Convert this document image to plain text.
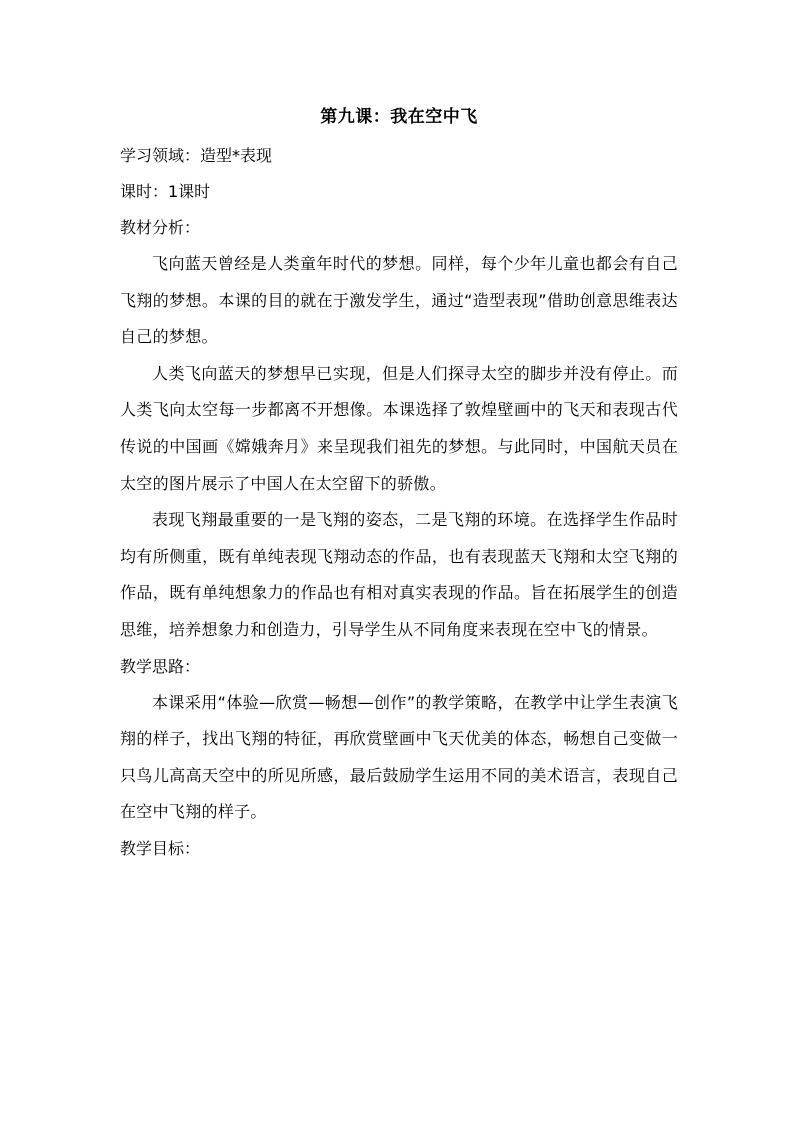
第九课：我在空中飞
学习领域：造型*表现
课时：1课时
教材分析：

飞向蓝天曾经是人类童年时代的梦想。同样，每个少年儿童也都会有自己飞翔的梦想。本课的目的就在于激发学生，通过“造型表现”借助创意思维表达自己的梦想。

人类飞向蓝天的梦想早已实现，但是人们探寻太空的脚步并没有停止。而人类飞向太空每一步都离不开想像。本课选择了敦煌壁画中的飞天和表现古代传说的中国画《嫦娥奔月》来呈现我们祖先的梦想。与此同时，中国航天员在太空的图片展示了中国人在太空留下的骄傲。

表现飞翔最重要的一是飞翔的姿态，二是飞翔的环境。在选择学生作品时均有所侧重，既有单纯表现飞翔动态的作品，也有表现蓝天飞翔和太空飞翔的作品，既有单纯想象力的作品也有相对真实表现的作品。旨在拓展学生的创造思维，培养想象力和创造力，引导学生从不同角度来表现在空中飞的情景。

教学思路：

本课采用“体验—欣赏—畅想—创作”的教学策略，在教学中让学生表演飞翔的样子，找出飞翔的特征，再欣赏壁画中飞天优美的体态，畅想自己变做一只鸟儿高高天空中的所见所感，最后鼓励学生运用不同的美术语言，表现自己在空中飞翔的样子。

教学目标：
